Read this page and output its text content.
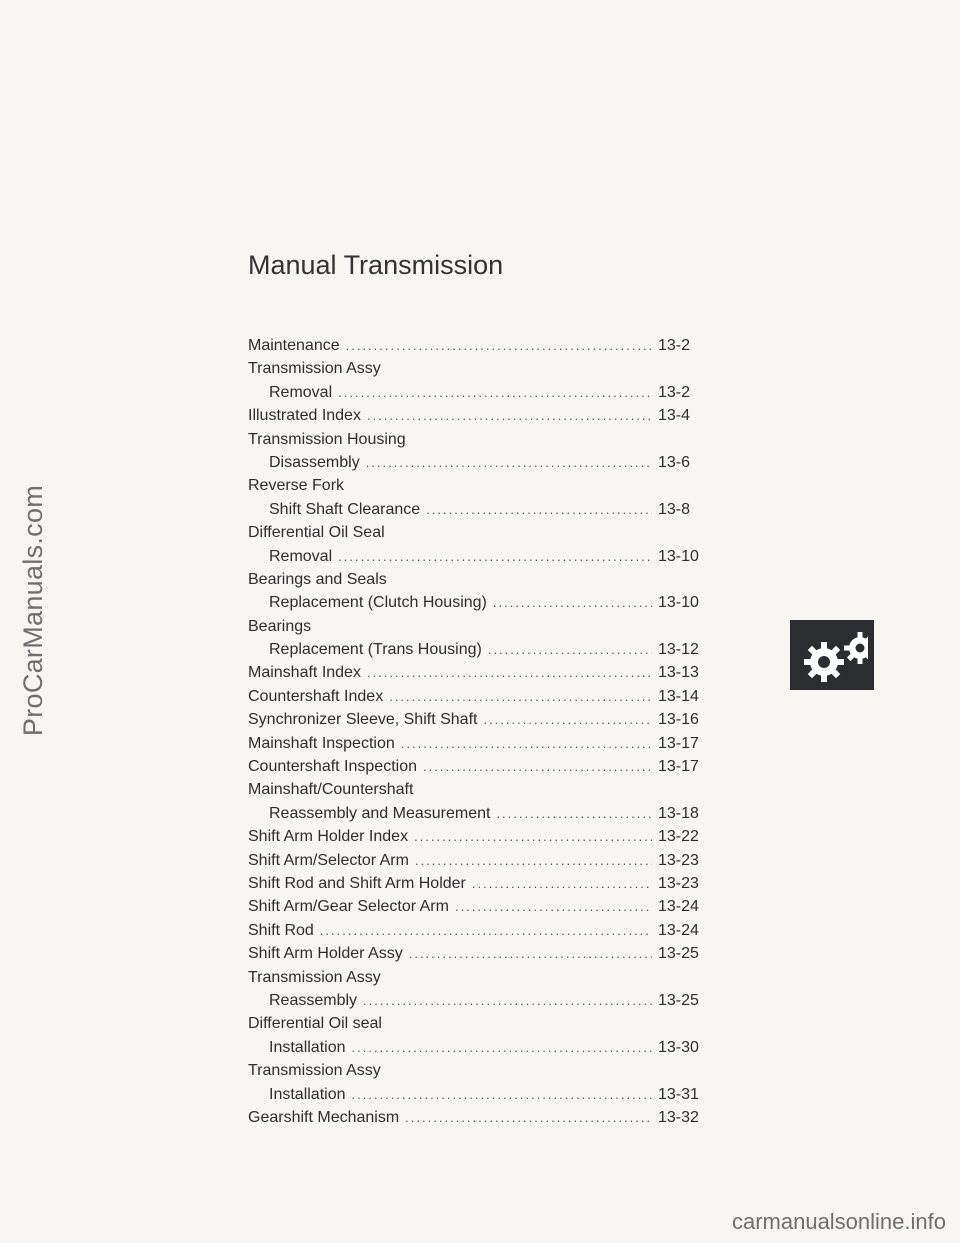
ProCarManuals.com
Manual Transmission
Maintenance .....	13-2
Transmission Assy
Removal .....	13-2
Illustrated Index .....	13-4
Transmission Housing
Disassembly .....	13-6
Reverse Fork
Shift Shaft Clearance .....	13-8
Differential Oil Seal
Removal .....	13-10
Bearings and Seals
Replacement (Clutch Housing) .....	13-10
Bearings
Replacement (Trans Housing) .....	13-12
Mainshaft Index .....	13-13
Countershaft Index .....	13-14
Synchronizer Sleeve, Shift Shaft .....	13-16
Mainshaft Inspection .....	13-17
Countershaft Inspection .....	13-17
Mainshaft/Countershaft
Reassembly and Measurement .....	13-18
Shift Arm Holder Index .....	13-22
Shift Arm/Selector Arm .....	13-23
Shift Rod and Shift Arm Holder .....	13-23
Shift Arm/Gear Selector Arm .....	13-24
Shift Rod .....	13-24
Shift Arm Holder Assy .....	13-25
Transmission Assy
Reassembly .....	13-25
Differential Oil seal
Installation .....	13-30
Transmission Assy
Installation .....	13-31
Gearshift Mechanism .....	13-32
carmanualsonline.info
